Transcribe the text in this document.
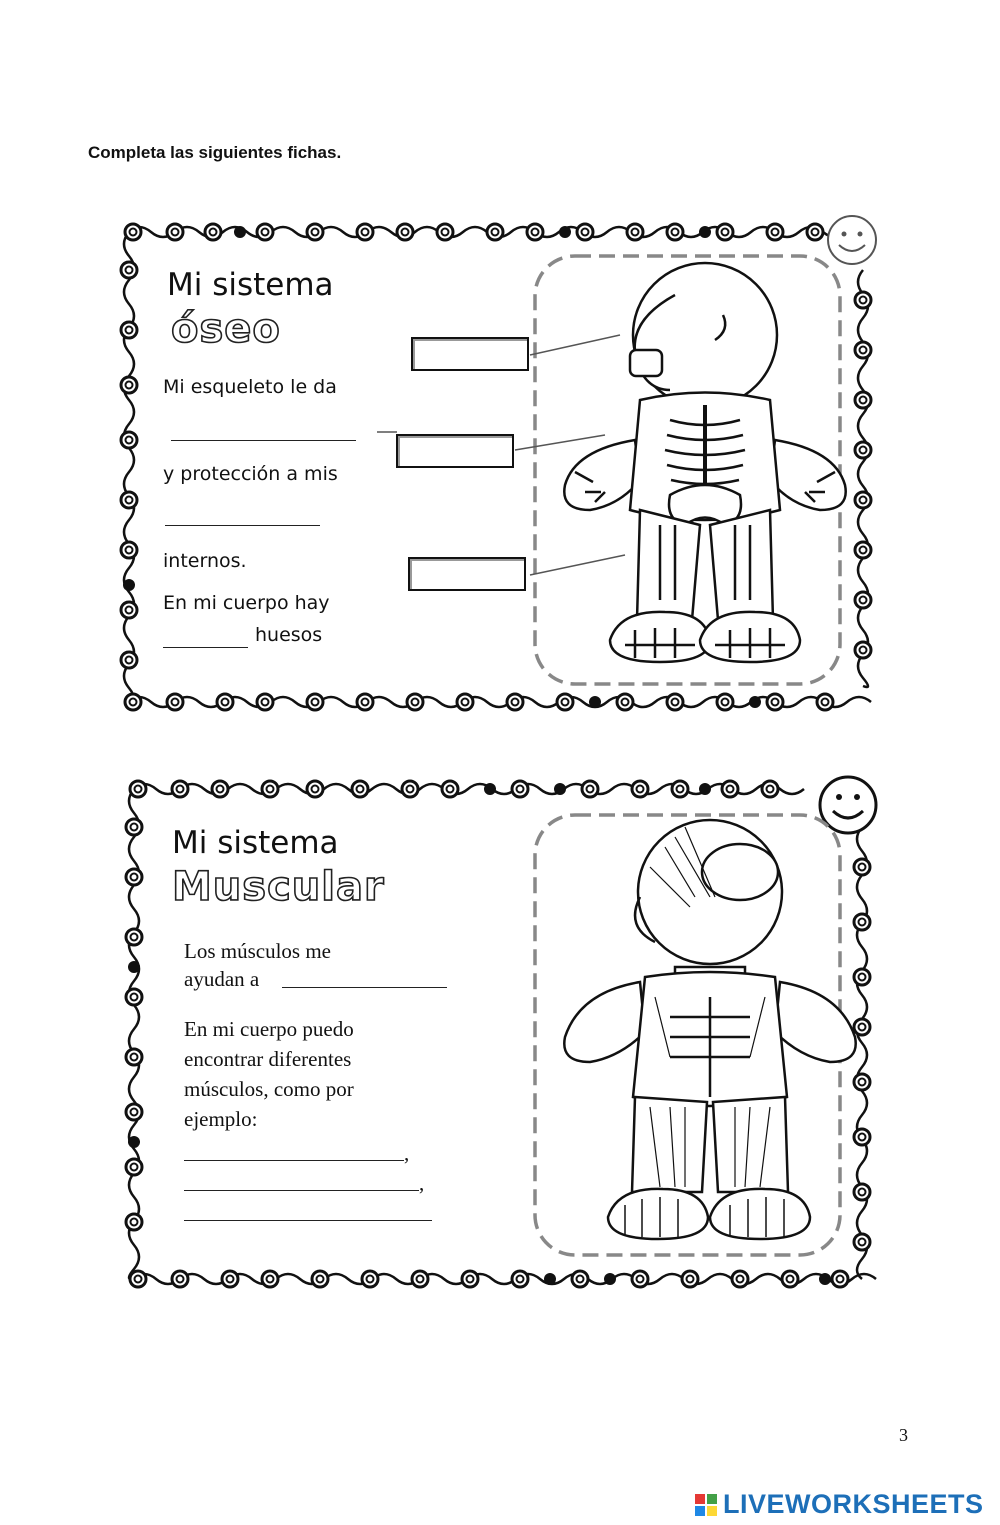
Completa las siguientes fichas.
Mi sistema
óseo
Mi esqueleto le da
y protección a mis
internos.
En mi cuerpo hay
huesos
Mi sistema
Muscular
Los músculos me
ayudan a
En mi cuerpo puedo
encontrar diferentes
músculos, como por
ejemplo:
,
,
3
LIVEWORKSHEETS
